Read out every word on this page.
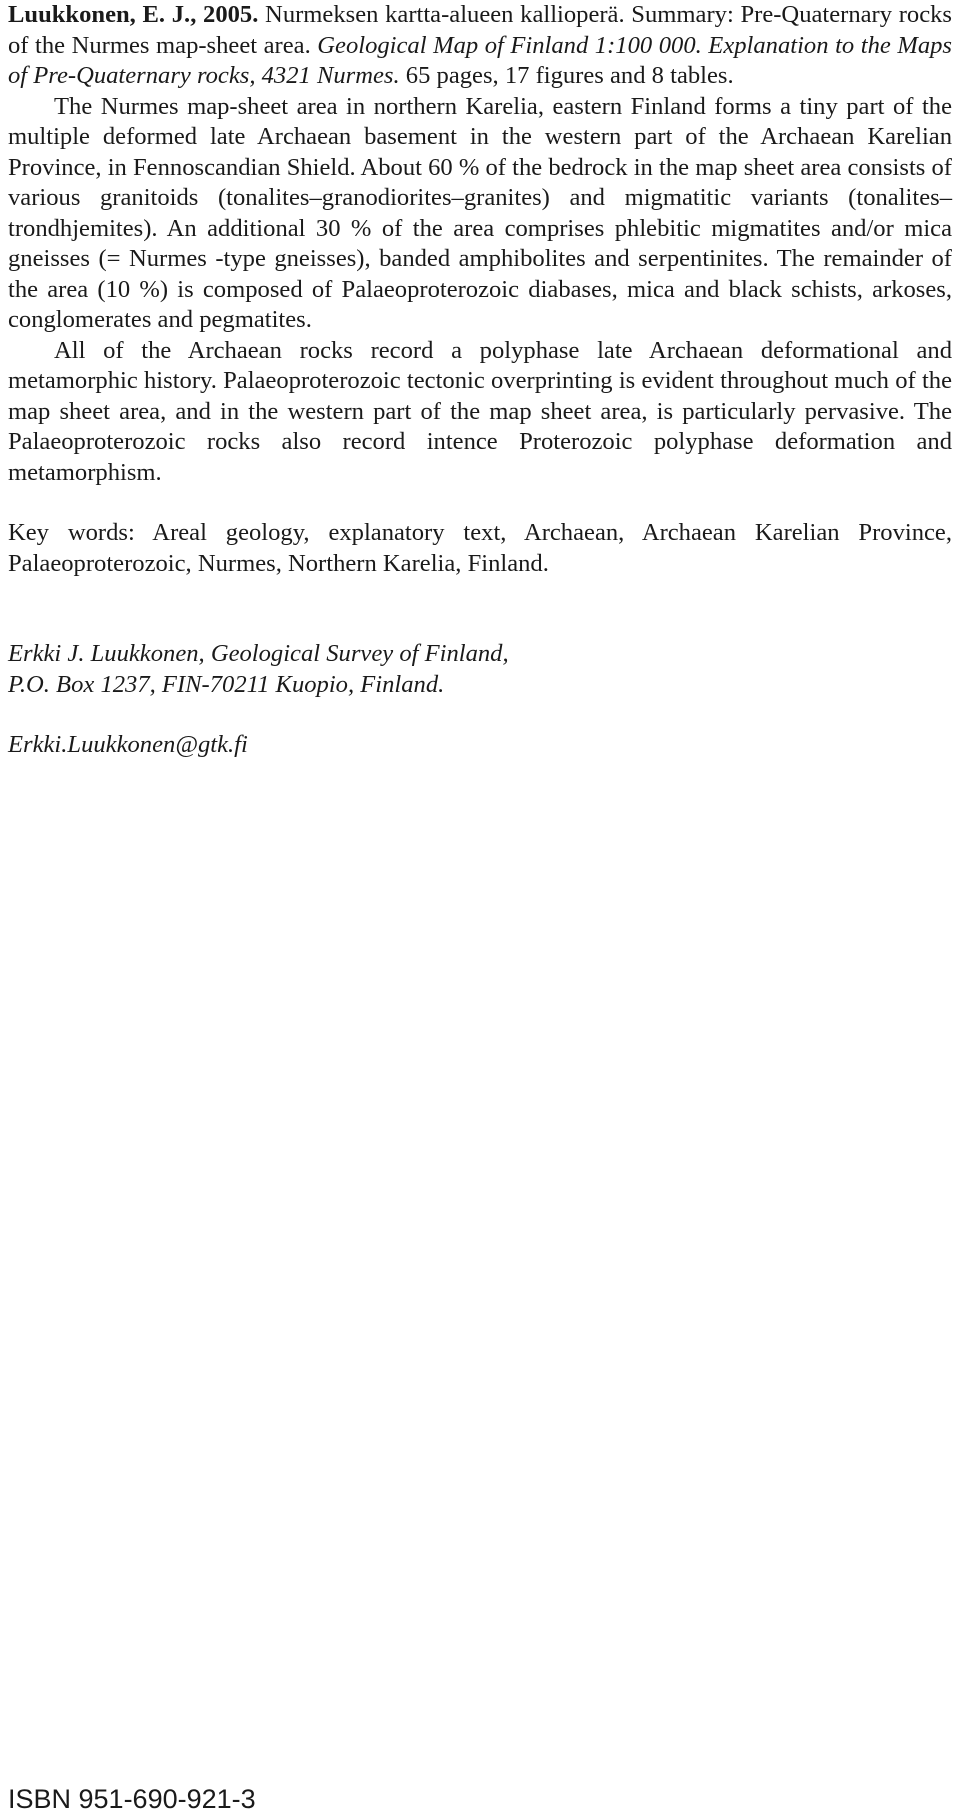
Luukkonen, E. J., 2005. Nurmeksen kartta-alueen kallioperä. Summary: Pre-Quaternary rocks of the Nurmes map-sheet area. Geological Map of Finland 1:100 000. Explanation to the Maps of Pre-Quaternary rocks, 4321 Nurmes. 65 pages, 17 figures and 8 tables.

The Nurmes map-sheet area in northern Karelia, eastern Finland forms a tiny part of the multiple deformed late Archaean basement in the western part of the Archaean Karelian Province, in Fennoscandian Shield. About 60 % of the bedrock in the map sheet area consists of various granitoids (tonalites–granodiorites–granites) and migmatitic variants (tonalites–trondhjemites). An additional 30 % of the area comprises phlebitic migmatites and/or mica gneisses (= Nurmes -type gneisses), banded amphibolites and serpentinites. The remainder of the area (10 %) is composed of Palaeoproterozoic diabases, mica and black schists, arkoses, conglomerates and pegmatites.

All of the Archaean rocks record a polyphase late Archaean deformational and metamorphic history. Palaeoproterozoic tectonic overprinting is evident throughout much of the map sheet area, and in the western part of the map sheet area, is particularly pervasive. The Palaeoproterozoic rocks also record intence Proterozoic polyphase deformation and metamorphism.

Key words: Areal geology, explanatory text, Archaean, Archaean Karelian Province, Palaeoproterozoic, Nurmes, Northern Karelia, Finland.

Erkki J. Luukkonen, Geological Survey of Finland,
P.O. Box 1237, FIN-70211 Kuopio, Finland.
Erkki.Luukkonen@gtk.fi
ISBN 951-690-921-3
